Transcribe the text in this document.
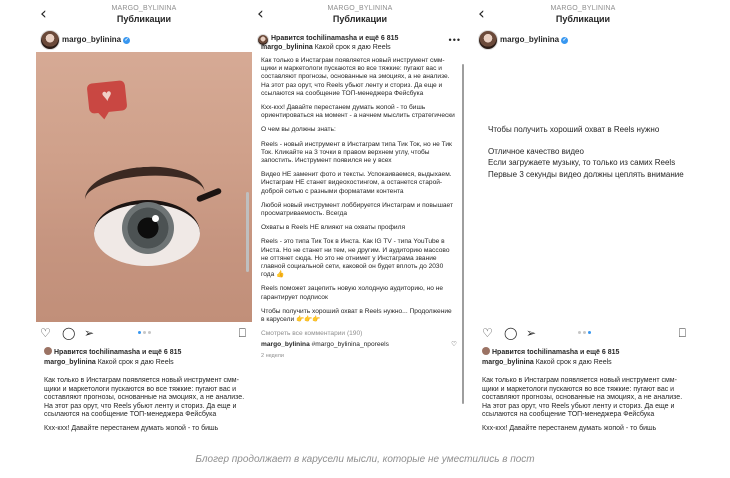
‹	MARGO_BYLININA
Публикации
margo_bylinina ✓
♥
♡ ◯ ➢	⎕
Нравится tochilinamasha и ещё 6 815
margo_bylinina Какой срок я даю Reels

Как только в Инстаграм появляется новый инструмент смм-щики и маркетологи пускаются во все тяжкие: пугают вас и составляют прогнозы, основанные на эмоциях, а не анализе. На этот раз орут, что Reels убьют ленту и сториз. Да еще и ссылаются на сообщение ТОП-менеджера Фейсбука

Кхх-кхх! Давайте перестанем думать жопой - то бишь

‹	MARGO_BYLININA
Публикации
Нравится tochilinamasha и ещё 6 815	•••
margo_bylinina Какой срок я даю Reels

Как только в Инстаграм появляется новый инструмент смм-щики и маркетологи пускаются во все тяжкие: пугают вас и составляют прогнозы, основанные на эмоциях, а не анализе. На этот раз орут, что Reels убьют ленту и сториз. Да еще и ссылаются на сообщение ТОП-менеджера Фейсбука

Кхх-кхх! Давайте перестанем думать жопой - то бишь ориентироваться на момент - а начнем мыслить стратегически

О чем вы должны знать:

Reels - новый инструмент в Инстаграм типа Тик Ток, но не Тик Ток. Кликайте на 3 точки в правом верхнем углу, чтобы запостить. Инструмент появился не у всех

Видео НЕ заменит фото и тексты. Успокаиваемся, выдыхаем. Инстаграм НЕ станет видеохостингом, а останется старой-доброй сетью с разными форматами контента

Любой новый инструмент лоббируется Инстаграм и повышает просматриваемость. Всегда

Охваты в Reels НЕ влияют на охваты профиля

Reels - это типа Тик Ток в Инста. Как IG TV - типа YouTube в Инста. Но не станет ни тем, не другим. И аудиторию массово не оттянет сюда. Но это не отнимет у Инстаграма звание главной социальной сети, каковой он будет вплоть до 2030 года 👍

Reels поможет зацепить новую холодную аудиторию, но не гарантирует подписок

Чтобы получить хороший охват в Reels нужно... Продолжение в карусели 👉👉👉

Смотреть все комментарии (190)

margo_bylinina #margo_bylinina_nporeels	♡

2 недели

‹	MARGO_BYLININA
Публикации
margo_bylinina ✓

Чтобы получить хороший охват в Reels нужно

Отличное качество видео

Если загружаете музыку, то только из самих Reels

Первые 3 секунды видео должны цеплять внимание

♡ ◯ ➢	⎕
Нравится tochilinamasha и ещё 6 815
margo_bylinina Какой срок я даю Reels

Как только в Инстаграм появляется новый инструмент смм-щики и маркетологи пускаются во все тяжкие: пугают вас и составляют прогнозы, основанные на эмоциях, а не анализе. На этот раз орут, что Reels убьют ленту и сториз. Да еще и ссылаются на сообщение ТОП-менеджера Фейсбука

Кхх-кхх! Давайте перестанем думать жопой - то бишь

Блогер продолжает в карусели мысли, которые не уместились в пост
